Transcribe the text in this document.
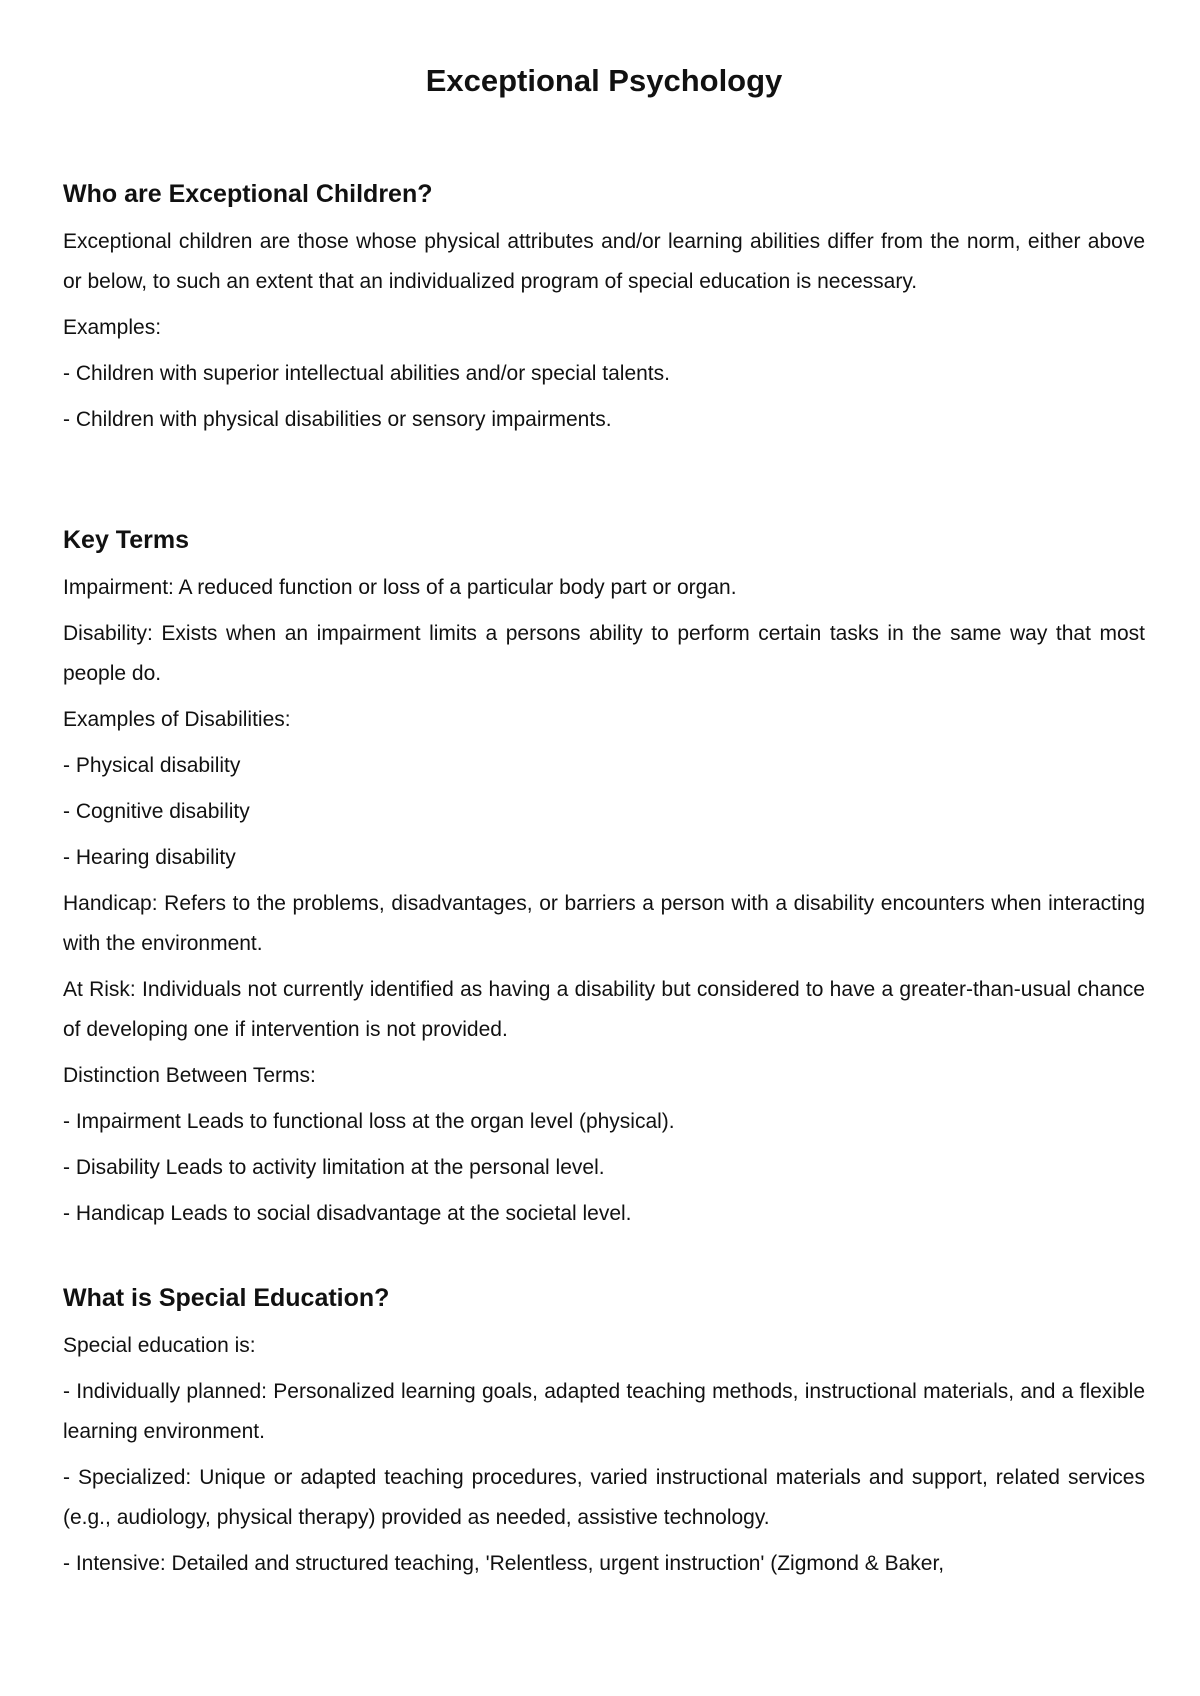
Exceptional Psychology
Who are Exceptional Children?

Exceptional children are those whose physical attributes and/or learning abilities differ from the norm, either above or below, to such an extent that an individualized program of special education is necessary.

Examples:

- Children with superior intellectual abilities and/or special talents.

- Children with physical disabilities or sensory impairments.

Key Terms

Impairment: A reduced function or loss of a particular body part or organ.

Disability: Exists when an impairment limits a persons ability to perform certain tasks in the same way that most people do.

Examples of Disabilities:

- Physical disability

- Cognitive disability

- Hearing disability

Handicap: Refers to the problems, disadvantages, or barriers a person with a disability encounters when interacting with the environment.

At Risk: Individuals not currently identified as having a disability but considered to have a greater-than-usual chance of developing one if intervention is not provided.

Distinction Between Terms:

- Impairment Leads to functional loss at the organ level (physical).

- Disability Leads to activity limitation at the personal level.

- Handicap Leads to social disadvantage at the societal level.

What is Special Education?

Special education is:

- Individually planned: Personalized learning goals, adapted teaching methods, instructional materials, and a flexible learning environment.

- Specialized: Unique or adapted teaching procedures, varied instructional materials and support, related services (e.g., audiology, physical therapy) provided as needed, assistive technology.

- Intensive: Detailed and structured teaching, 'Relentless, urgent instruction' (Zigmond & Baker,
